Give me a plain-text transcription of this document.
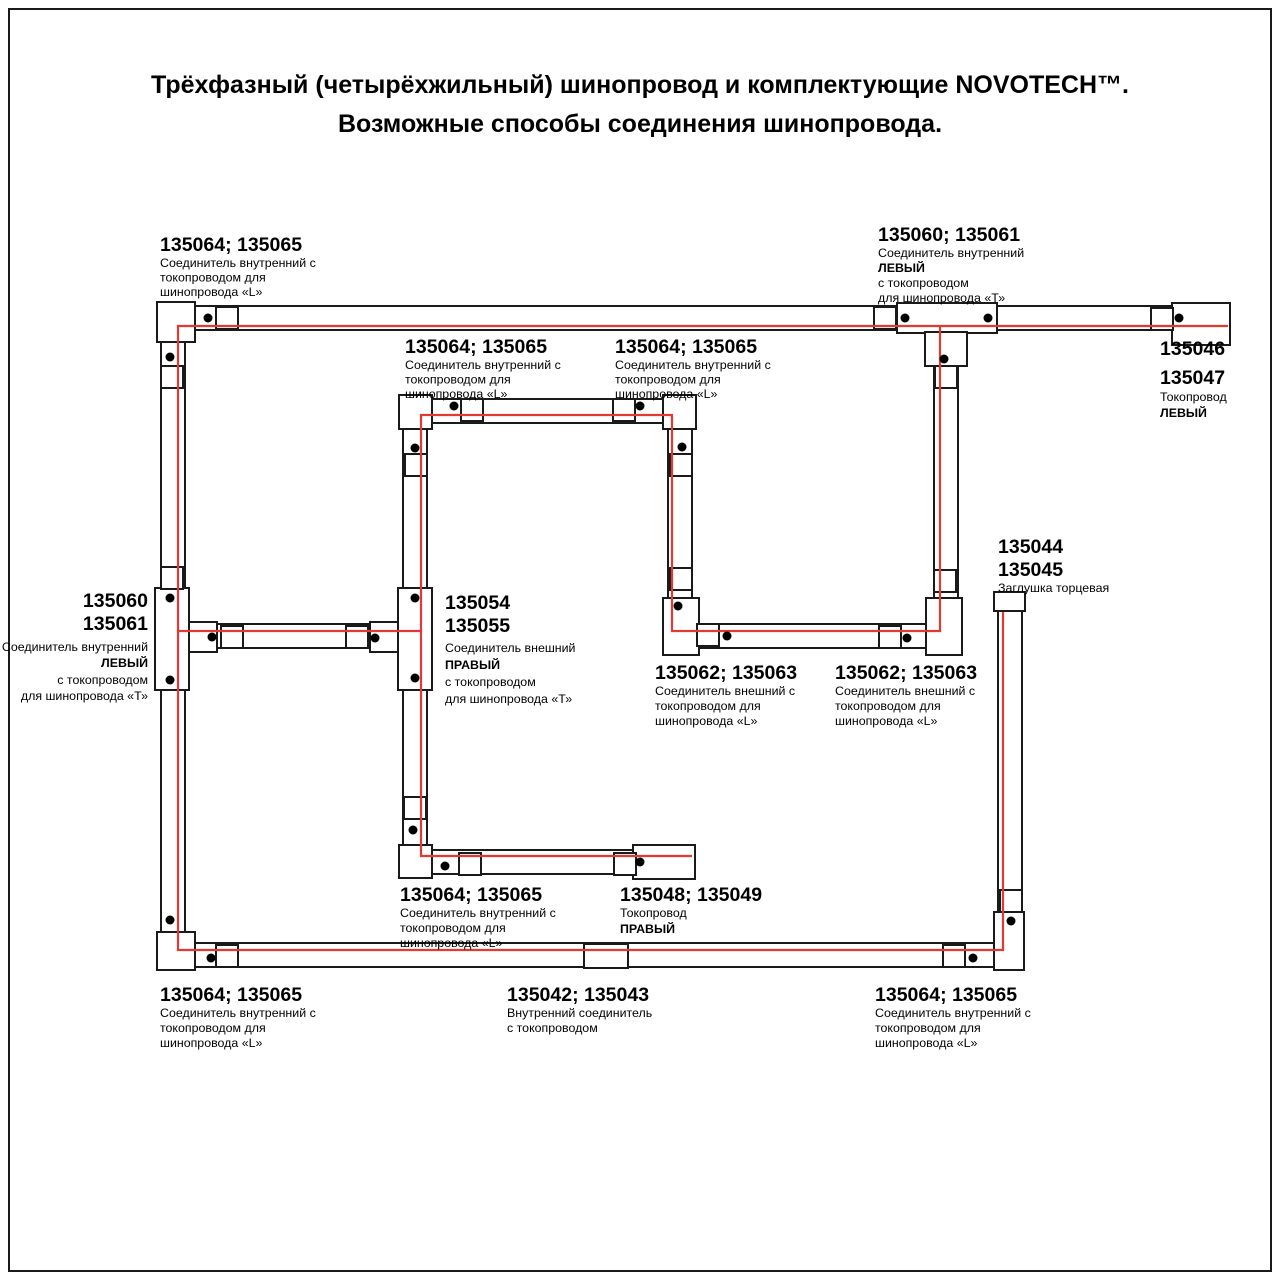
Трёхфазный (четырёхжильный) шинопровод и комплектующие NOVOTECH™.
Возможные способы соединения шинопровода.
135064; 135065
Соединитель внутренний с
токопроводом для
шинопровода «L»
135064; 135065
Соединитель внутренний с
токопроводом для
шинопровода «L»
135064; 135065
Соединитель внутренний с
токопроводом для
шинопровода «L»
135060; 135061
Соединитель внутренний
ЛЕВЫЙ
с токопроводом
для шинопровода «Т»
135046
135047
Токопровод
ЛЕВЫЙ
135060
135061
Соединитель внутренний
ЛЕВЫЙ
с токопроводом
для шинопровода «Т»
135054
135055
Соединитель внешний
ПРАВЫЙ
с токопроводом
для шинопровода «Т»
135044
135045
Заглушка торцевая
135062; 135063
Соединитель внешний с
токопроводом для
шинопровода «L»
135062; 135063
Соединитель внешний с
токопроводом для
шинопровода «L»
135064; 135065
Соединитель внутренний с
токопроводом для
шинопровода «L»
135048; 135049
Токопровод
ПРАВЫЙ
135064; 135065
Соединитель внутренний с
токопроводом для
шинопровода «L»
135042; 135043
Внутренний соединитель
с токопроводом
135064; 135065
Соединитель внутренний с
токопроводом для
шинопровода «L»
